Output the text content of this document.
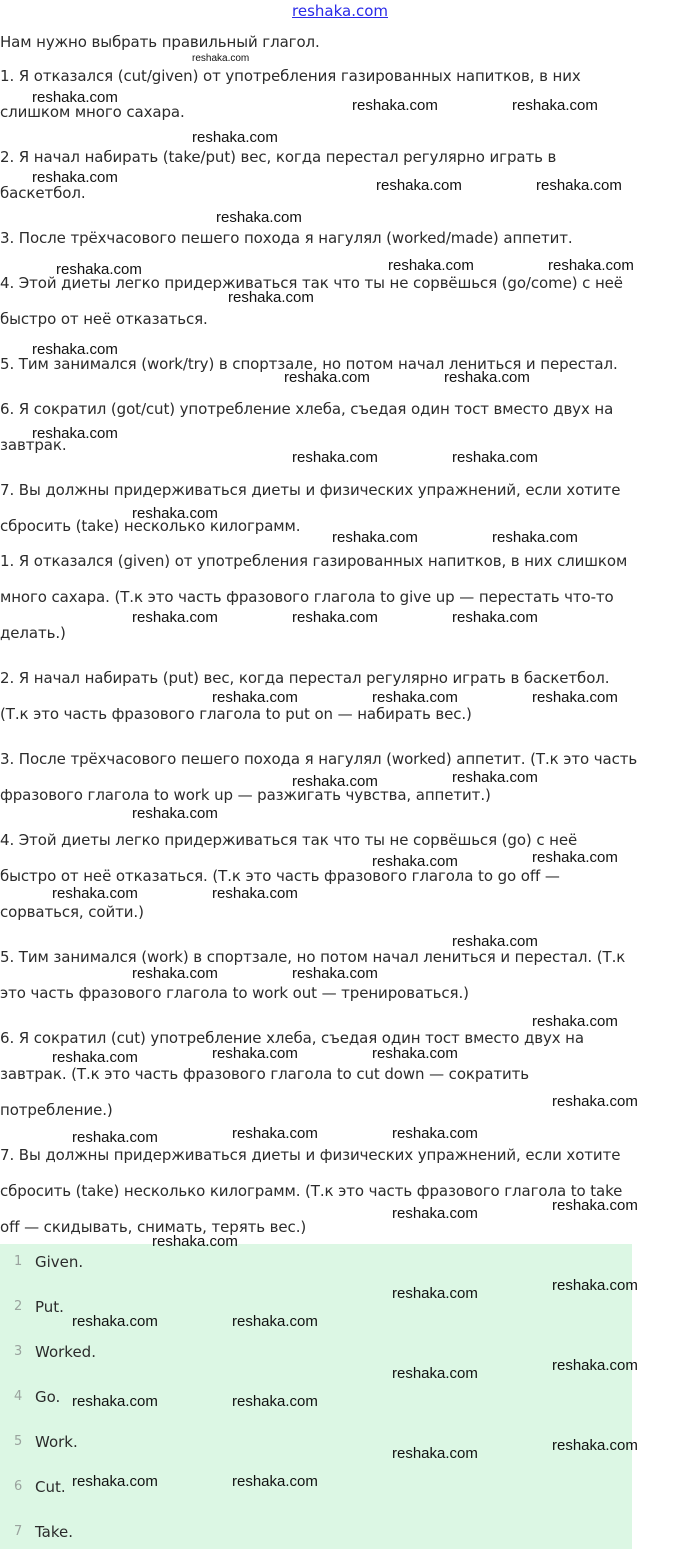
reshaka.com
Нам нужно выбрать правильный глагол.
1. Я отказался (cut/given) от употребления газированных напитков, в них
слишком много сахара.
2. Я начал набирать (take/put) вес, когда перестал регулярно играть в
баскетбол.
3. После трёхчасового пешего похода я нагулял (worked/made) аппетит.
4. Этой диеты легко придерживаться так что ты не сорвёшься (go/come) с неё
быстро от неё отказаться.
5. Тим занимался (work/try) в спортзале, но потом начал лениться и перестал.
6. Я сократил (got/cut) употребление хлеба, съедая один тост вместо двух на
завтрак.
7. Вы должны придерживаться диеты и физических упражнений, если хотите
сбросить (take) несколько килограмм.
1. Я отказался (given) от употребления газированных напитков, в них слишком
много сахара. (Т.к это часть фразового глагола to give up — перестать что-то
делать.)
2. Я начал набирать (put) вес, когда перестал регулярно играть в баскетбол.
(Т.к это часть фразового глагола to put on — набирать вес.)
3. После трёхчасового пешего похода я нагулял (worked) аппетит. (Т.к это часть
фразового глагола to work up — разжигать чувства, аппетит.)
4. Этой диеты легко придерживаться так что ты не сорвёшься (go) с неё
быстро от неё отказаться. (Т.к это часть фразового глагола to go off —
сорваться, сойти.)
5. Тим занимался (work) в спортзале, но потом начал лениться и перестал. (Т.к
это часть фразового глагола to work out — тренироваться.)
6. Я сократил (cut) употребление хлеба, съедая один тост вместо двух на
завтрак. (Т.к это часть фразового глагола to cut down — сократить
потребление.)
7. Вы должны придерживаться диеты и физических упражнений, если хотите
сбросить (take) несколько килограмм. (Т.к это часть фразового глагола to take
off — скидывать, снимать, терять вес.)
1 Given.
2 Put.
3 Worked.
4 Go.
5 Work.
6 Cut.
7 Take.
reshaka.com
reshaka.com	reshaka.com	reshaka.com
reshaka.com
reshaka.com	reshaka.com	reshaka.com
reshaka.com
reshaka.com	reshaka.com	reshaka.com
reshaka.com
reshaka.com
reshaka.com	reshaka.com
reshaka.com
reshaka.com	reshaka.com
reshaka.com
reshaka.com	reshaka.com
reshaka.com	reshaka.com	reshaka.com
reshaka.com	reshaka.com	reshaka.com
reshaka.com	reshaka.com
reshaka.com
reshaka.com	reshaka.com
reshaka.com	reshaka.com
reshaka.com
reshaka.com	reshaka.com
reshaka.com
reshaka.com	reshaka.com	reshaka.com
reshaka.com
reshaka.com	reshaka.com	reshaka.com
reshaka.com
reshaka.com
reshaka.com
reshaka.com
reshaka.com
reshaka.com	reshaka.com
reshaka.com
reshaka.com
reshaka.com	reshaka.com
reshaka.com
reshaka.com
reshaka.com	reshaka.com
